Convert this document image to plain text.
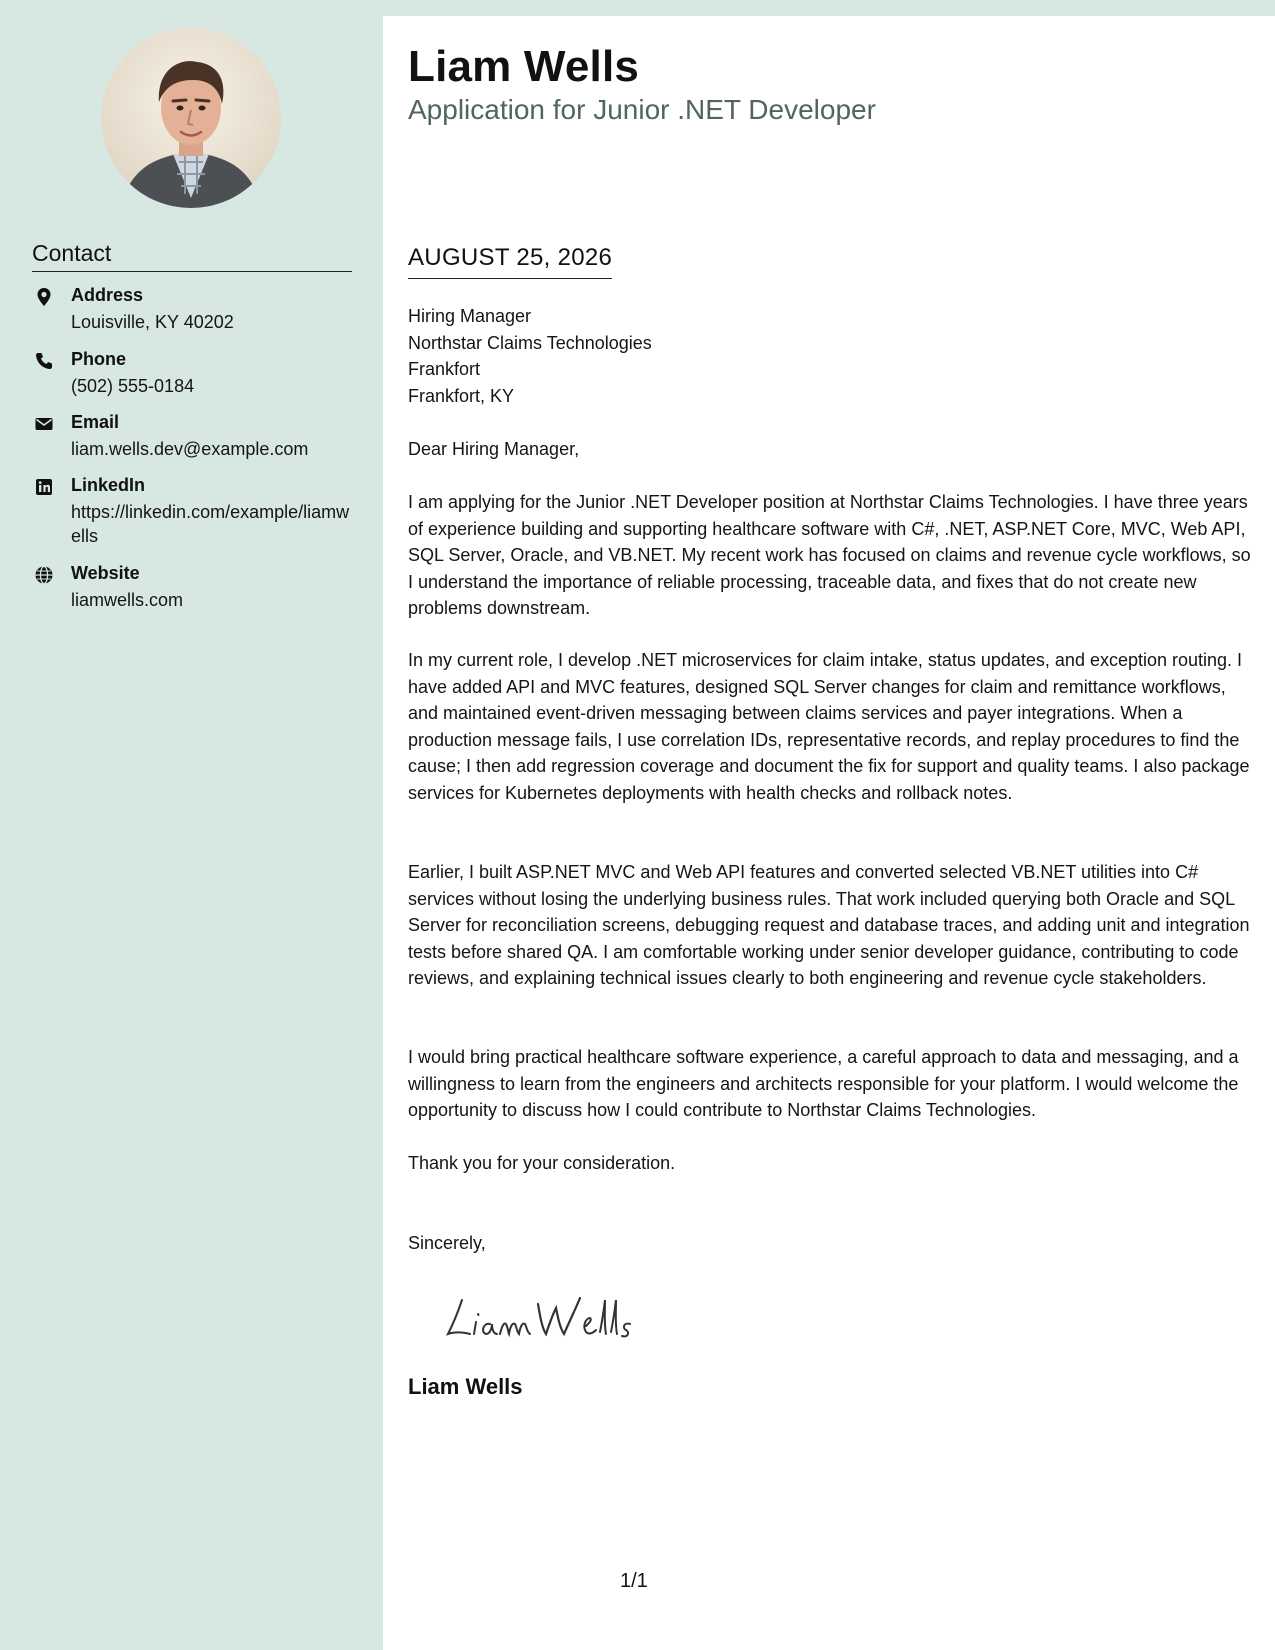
Contact
Address
Louisville, KY 40202
Phone
(502) 555-0184
Email
liam.wells.dev@example.com
LinkedIn
https://linkedin.com/example/liamwells
Website
liamwells.com
Liam Wells
Application for Junior .NET Developer
AUGUST 25, 2026
Hiring Manager
Northstar Claims Technologies
Frankfort
Frankfort, KY

Dear Hiring Manager,

I am applying for the Junior .NET Developer position at Northstar Claims Technologies. I have three years of experience building and supporting healthcare software with C#, .NET, ASP.NET Core, MVC, Web API, SQL Server, Oracle, and VB.NET. My recent work has focused on claims and revenue cycle workflows, so I understand the importance of reliable processing, traceable data, and fixes that do not create new problems downstream.

In my current role, I develop .NET microservices for claim intake, status updates, and exception routing. I have added API and MVC features, designed SQL Server changes for claim and remittance workflows, and maintained event-driven messaging between claims services and payer integrations. When a production message fails, I use correlation IDs, representative records, and replay procedures to find the cause; I then add regression coverage and document the fix for support and quality teams. I also package services for Kubernetes deployments with health checks and rollback notes.

Earlier, I built ASP.NET MVC and Web API features and converted selected VB.NET utilities into C# services without losing the underlying business rules. That work included querying both Oracle and SQL Server for reconciliation screens, debugging request and database traces, and adding unit and integration tests before shared QA. I am comfortable working under senior developer guidance, contributing to code reviews, and explaining technical issues clearly to both engineering and revenue cycle stakeholders.

I would bring practical healthcare software experience, a careful approach to data and messaging, and a willingness to learn from the engineers and architects responsible for your platform. I would welcome the opportunity to discuss how I could contribute to Northstar Claims Technologies.

Thank you for your consideration.

Sincerely,

Liam Wells
1/1
